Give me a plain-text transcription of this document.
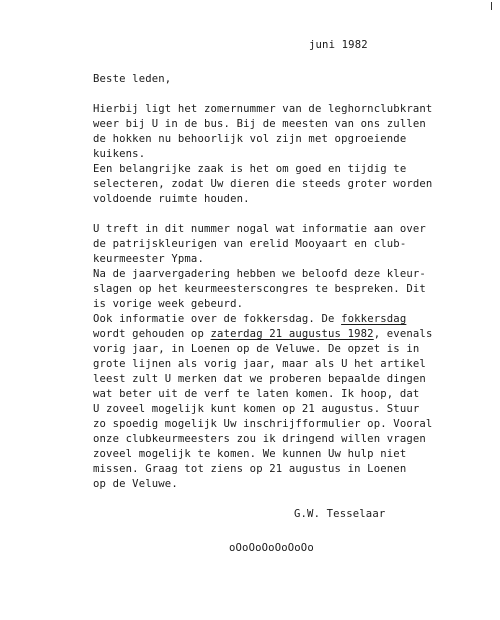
juni 1982
Beste leden,
Hierbij ligt het zomernummer van de leghornclubkrant
weer bij U in de bus. Bij de meesten van ons zullen
de hokken nu behoorlijk vol zijn met opgroeiende
kuikens.
Een belangrijke zaak is het om goed en tijdig te
selecteren, zodat Uw dieren die steeds groter worden
voldoende ruimte houden.
U treft in dit nummer nogal wat informatie aan over
de patrijskleurigen van erelid Mooyaart en club-
keurmeester Ypma.
Na de jaarvergadering hebben we beloofd deze kleur-
slagen op het keurmeesterscongres te bespreken. Dit
is vorige week gebeurd.
Ook informatie over de fokkersdag. De fokkersdag
wordt gehouden op zaterdag 21 augustus 1982, evenals
vorig jaar, in Loenen op de Veluwe. De opzet is in
grote lijnen als vorig jaar, maar als U het artikel
leest zult U merken dat we proberen bepaalde dingen
wat beter uit de verf te laten komen. Ik hoop, dat
U zoveel mogelijk kunt komen op 21 augustus. Stuur
zo spoedig mogelijk Uw inschrijfformulier op. Vooral
onze clubkeurmeesters zou ik dringend willen vragen
zoveel mogelijk te komen. We kunnen Uw hulp niet
missen. Graag tot ziens op 21 augustus in Loenen
op de Veluwe.
G.W. Tesselaar
oOoOoOoOoOoOo
